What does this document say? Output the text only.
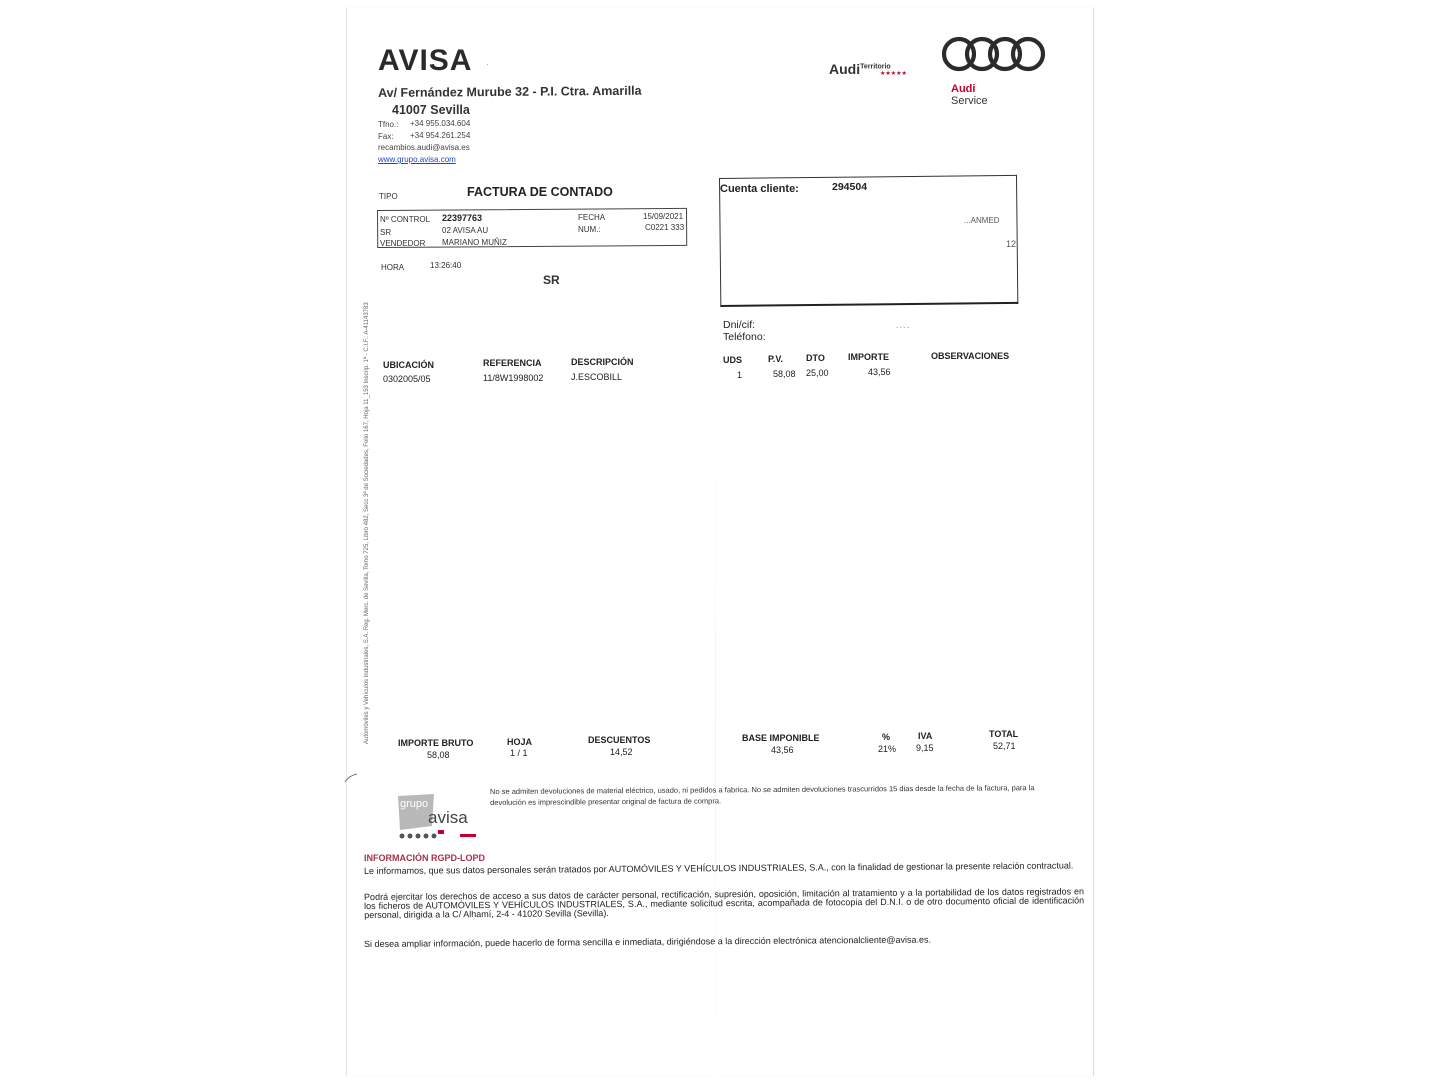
AVISA ·
Av/ Fernández Murube 32 - P.I. Ctra. Amarilla
41007 Sevilla
Tfno.: +34 955.034.604
Fax: +34 954.261.254
recambios.audi@avisa.es
www.grupo.avisa.com
Audi$^{Territorio}$
★★★★★
Audi
Service
TIPO	FACTURA DE CONTADO
Nº CONTROL 22397763	FECHA	15/09/2021
SR	02 AVISA AU	NUM.:	C0221 333
VENDEDOR MARIANO MUÑIZ
HORA	13:26:40
SR
Cuenta cliente:	294504
...ANMED
12
Dni/cif:	- - - -
Teléfono:
UBICACIÓN	REFERENCIA	DESCRIPCIÓN	UDS	P.V.	DTO	IMPORTE	OBSERVACIONES
0302005/05	11/8W1998002	J.ESCOBILL	1	58,08 25,00	43,56
Automóviles y Vehículos Industriales, S.A. Reg. Merc. de Sevilla, Tomo 725, Libro 482, Secc 3ª de Sociedades, Folio 167, Hoja 11_153 Inscrip. 1ª - C.I.F.: A-41143783	IMPORTE BRUTO
58,08
HOJA
1 / 1
DESCUENTOS
14,52
BASE IMPONIBLE
43,56
%
21%
IVA
9,15
TOTAL
52,71
grupo
avisa
No se admiten devoluciones de material eléctrico, usado, ni pedidos a fabrica. No se admiten devoluciones trascurridos 15 dias desde la fecha de la factura, para la devolución es imprescindible presentar original de factura de compra.
INFORMACIÓN RGPD-LOPD
Le informamos, que sus datos personales serán tratados por AUTOMÓVILES Y VEHÍCULOS INDUSTRIALES, S.A., con la finalidad de gestionar la presente relación contractual.
Podrá ejercitar los derechos de acceso a sus datos de carácter personal, rectificación, supresión, oposición, limitación al tratamiento y a la portabilidad de los datos registrados en los ficheros de AUTOMÓVILES Y VEHÍCULOS INDUSTRIALES, S.A., mediante solicitud escrita, acompañada de fotocopia del D.N.I. o de otro documento oficial de identificación personal, dirigida a la C/ Alhamí, 2-4 - 41020 Sevilla (Sevilla).
Si desea ampliar información, puede hacerlo de forma sencilla e inmediata, dirigiéndose a la dirección electrónica atencionalcliente@avisa.es.
